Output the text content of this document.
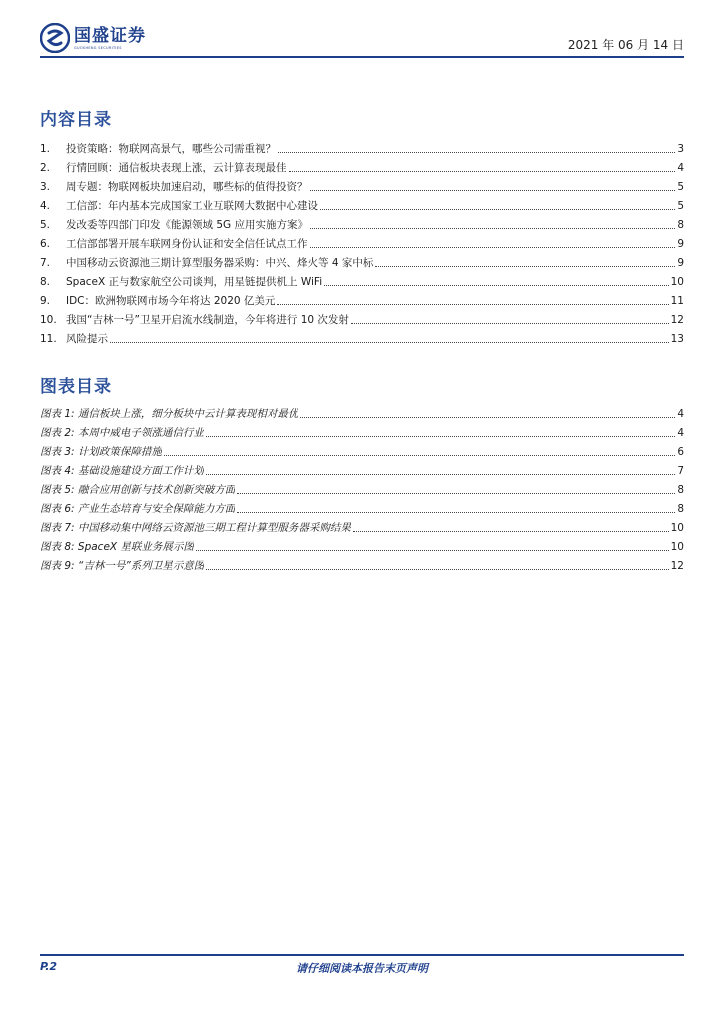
国盛证券
GUOSHENG SECURITIES	2021 年 06 月 14 日
内容目录
1.	投资策略：物联网高景气，哪些公司需重视？	3
2.	行情回顾：通信板块表现上涨，云计算表现最佳	4
3.	周专题：物联网板块加速启动，哪些标的值得投资？	5
4.	工信部：年内基本完成国家工业互联网大数据中心建设	5
5.	发改委等四部门印发《能源领域 5G 应用实施方案》	8
6.	工信部部署开展车联网身份认证和安全信任试点工作	9
7.	中国移动云资源池三期计算型服务器采购：中兴、烽火等 4 家中标	9
8.	SpaceX 正与数家航空公司谈判，用星链提供机上 WiFi	10
9.	IDC：欧洲物联网市场今年将达 2020 亿美元	11
10. 我国“吉林一号”卫星开启流水线制造，今年将进行 10 次发射	12
11. 风险提示	13
图表目录
图表 1:
通信板块上涨，细分板块中云计算表现相对最优	4
图表 2:
本周中威电子领涨通信行业	4
图表 3:
计划政策保障措施	6
图表 4:
基础设施建设方面工作计划	7
图表 5:
融合应用创新与技术创新突破方面	8
图表 6:
产业生态培育与安全保障能力方面	8
图表 7:
中国移动集中网络云资源池三期工程计算型服务器采购结果	10
图表 8:
SpaceX 星联业务展示图	10
图表 9:
“吉林一号”系列卫星示意图	12
P.2	请仔细阅读本报告末页声明
